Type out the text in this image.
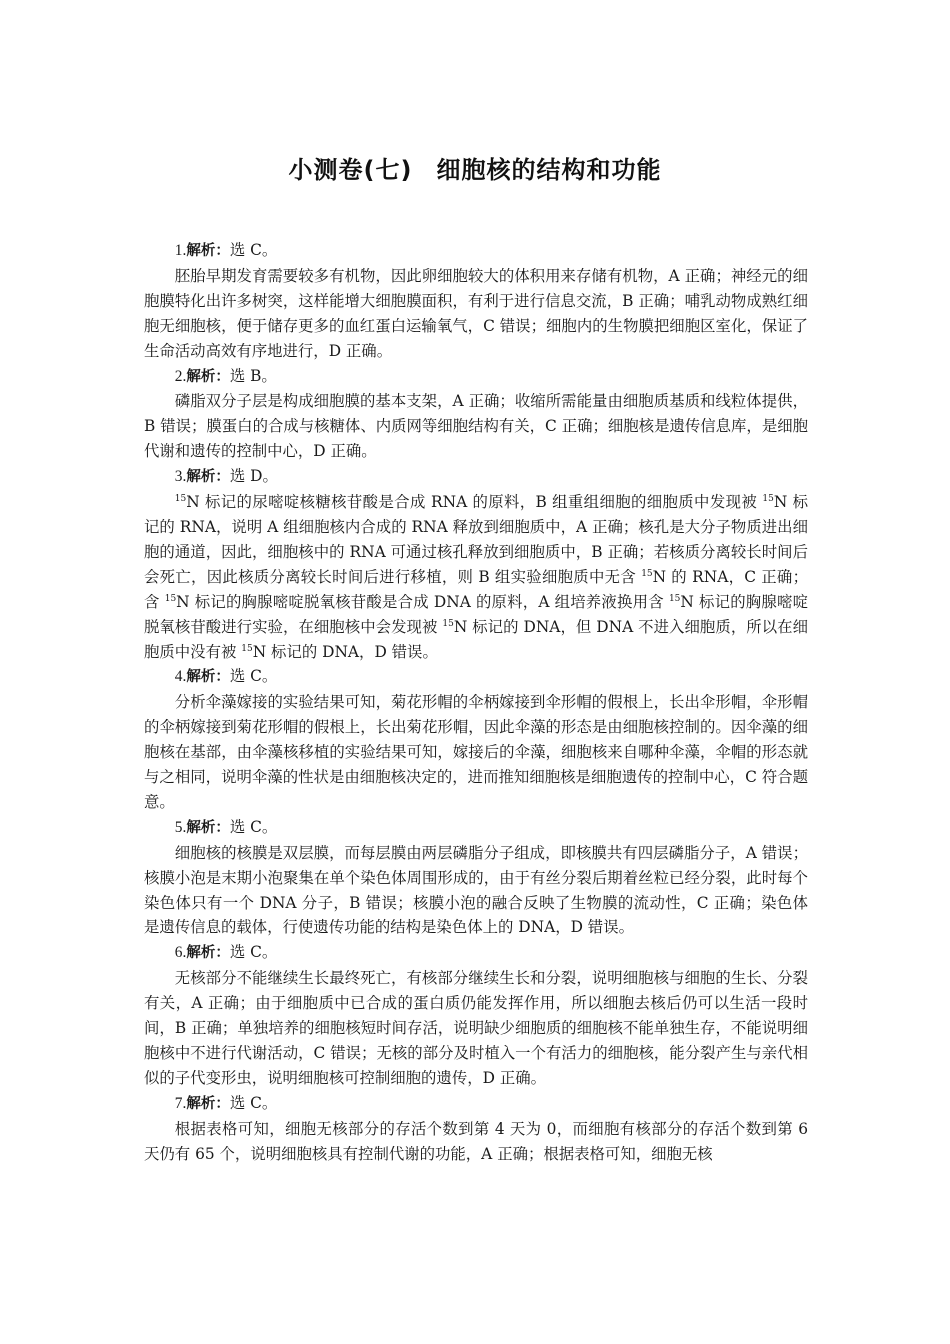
小测卷(七) 细胞核的结构和功能

1.解析：选 C。

胚胎早期发育需要较多有机物，因此卵细胞较大的体积用来存储有机物，A 正确；神经元的细胞膜特化出许多树突，这样能增大细胞膜面积，有利于进行信息交流，B 正确；哺乳动物成熟红细胞无细胞核，便于储存更多的血红蛋白运输氧气，C 错误；细胞内的生物膜把细胞区室化，保证了生命活动高效有序地进行，D 正确。

2.解析：选 B。

磷脂双分子层是构成细胞膜的基本支架，A 正确；收缩所需能量由细胞质基质和线粒体提供，B 错误；膜蛋白的合成与核糖体、内质网等细胞结构有关，C 正确；细胞核是遗传信息库，是细胞代谢和遗传的控制中心，D 正确。

3.解析：选 D。

$^{15}$N 标记的尿嘧啶核糖核苷酸是合成 RNA 的原料，B 组重组细胞的细胞质中发现被 $^{15}$N 标记的 RNA，说明 A 组细胞核内合成的 RNA 释放到细胞质中，A 正确；核孔是大分子物质进出细胞的通道，因此，细胞核中的 RNA 可通过核孔释放到细胞质中，B 正确；若核质分离较长时间后会死亡，因此核质分离较长时间后进行移植，则 B 组实验细胞质中无含 $^{15}$N 的 RNA，C 正确；含 $^{15}$N 标记的胸腺嘧啶脱氧核苷酸是合成 DNA 的原料，A 组培养液换用含 $^{15}$N 标记的胸腺嘧啶脱氧核苷酸进行实验，在细胞核中会发现被 $^{15}$N 标记的 DNA，但 DNA 不进入细胞质，所以在细胞质中没有被 $^{15}$N 标记的 DNA，D 错误。

4.解析：选 C。

分析伞藻嫁接的实验结果可知，菊花形帽的伞柄嫁接到伞形帽的假根上，长出伞形帽，伞形帽的伞柄嫁接到菊花形帽的假根上，长出菊花形帽，因此伞藻的形态是由细胞核控制的。因伞藻的细胞核在基部，由伞藻核移植的实验结果可知，嫁接后的伞藻，细胞核来自哪种伞藻，伞帽的形态就与之相同，说明伞藻的性状是由细胞核决定的，进而推知细胞核是细胞遗传的控制中心，C 符合题意。

5.解析：选 C。

细胞核的核膜是双层膜，而每层膜由两层磷脂分子组成，即核膜共有四层磷脂分子，A 错误；核膜小泡是末期小泡聚集在单个染色体周围形成的，由于有丝分裂后期着丝粒已经分裂，此时每个染色体只有一个 DNA 分子，B 错误；核膜小泡的融合反映了生物膜的流动性，C 正确；染色体是遗传信息的载体，行使遗传功能的结构是染色体上的 DNA，D 错误。

6.解析：选 C。

无核部分不能继续生长最终死亡，有核部分继续生长和分裂，说明细胞核与细胞的生长、分裂有关，A 正确；由于细胞质中已合成的蛋白质仍能发挥作用，所以细胞去核后仍可以生活一段时间，B 正确；单独培养的细胞核短时间存活，说明缺少细胞质的细胞核不能单独生存，不能说明细胞核中不进行代谢活动，C 错误；无核的部分及时植入一个有活力的细胞核，能分裂产生与亲代相似的子代变形虫，说明细胞核可控制细胞的遗传，D 正确。

7.解析：选 C。

根据表格可知，细胞无核部分的存活个数到第 4 天为 0，而细胞有核部分的存活个数到第 6 天仍有 65 个，说明细胞核具有控制代谢的功能，A 正确；根据表格可知，细胞无核
